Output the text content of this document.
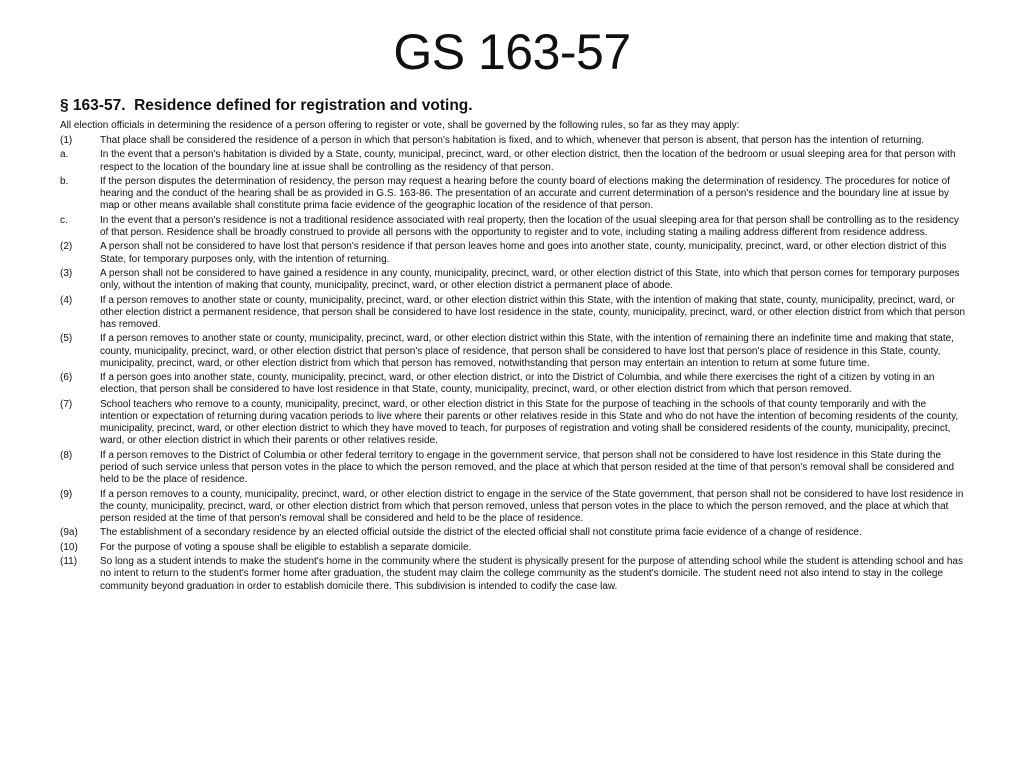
GS 163-57
§ 163-57.  Residence defined for registration and voting.
All election officials in determining the residence of a person offering to register or vote, shall be governed by the following rules, so far as they may apply:
(1)	That place shall be considered the residence of a person in which that person's habitation is fixed, and to which, whenever that person is absent, that person has the intention of returning.
a.	In the event that a person's habitation is divided by a State, county, municipal, precinct, ward, or other election district, then the location of the bedroom or usual sleeping area for that person with respect to the location of the boundary line at issue shall be controlling as the residency of that person.
b.	If the person disputes the determination of residency, the person may request a hearing before the county board of elections making the determination of residency. The procedures for notice of hearing and the conduct of the hearing shall be as provided in G.S. 163-86. The presentation of an accurate and current determination of a person's residence and the boundary line at issue by map or other means available shall constitute prima facie evidence of the geographic location of the residence of that person.
c.	In the event that a person's residence is not a traditional residence associated with real property, then the location of the usual sleeping area for that person shall be controlling as to the residency of that person. Residence shall be broadly construed to provide all persons with the opportunity to register and to vote, including stating a mailing address different from residence address.
(2)	A person shall not be considered to have lost that person's residence if that person leaves home and goes into another state, county, municipality, precinct, ward, or other election district of this State, for temporary purposes only, with the intention of returning.
(3)	A person shall not be considered to have gained a residence in any county, municipality, precinct, ward, or other election district of this State, into which that person comes for temporary purposes only, without the intention of making that county, municipality, precinct, ward, or other election district a permanent place of abode.
(4)	If a person removes to another state or county, municipality, precinct, ward, or other election district within this State, with the intention of making that state, county, municipality, precinct, ward, or other election district a permanent residence, that person shall be considered to have lost residence in the state, county, municipality, precinct, ward, or other election district from which that person has removed.
(5)	If a person removes to another state or county, municipality, precinct, ward, or other election district within this State, with the intention of remaining there an indefinite time and making that state, county, municipality, precinct, ward, or other election district that person's place of residence, that person shall be considered to have lost that person's place of residence in this State, county, municipality, precinct, ward, or other election district from which that person has removed, notwithstanding that person may entertain an intention to return at some future time.
(6)	If a person goes into another state, county, municipality, precinct, ward, or other election district, or into the District of Columbia, and while there exercises the right of a citizen by voting in an election, that person shall be considered to have lost residence in that State, county, municipality, precinct, ward, or other election district from which that person removed.
(7)	School teachers who remove to a county, municipality, precinct, ward, or other election district in this State for the purpose of teaching in the schools of that county temporarily and with the intention or expectation of returning during vacation periods to live where their parents or other relatives reside in this State and who do not have the intention of becoming residents of the county, municipality, precinct, ward, or other election district to which they have moved to teach, for purposes of registration and voting shall be considered residents of the county, municipality, precinct, ward, or other election district in which their parents or other relatives reside.
(8)	If a person removes to the District of Columbia or other federal territory to engage in the government service, that person shall not be considered to have lost residence in this State during the period of such service unless that person votes in the place to which the person removed, and the place at which that person resided at the time of that person's removal shall be considered and held to be the place of residence.
(9)	If a person removes to a county, municipality, precinct, ward, or other election district to engage in the service of the State government, that person shall not be considered to have lost residence in the county, municipality, precinct, ward, or other election district from which that person removed, unless that person votes in the place to which the person removed, and the place at which that person resided at the time of that person's removal shall be considered and held to be the place of residence.
(9a)	The establishment of a secondary residence by an elected official outside the district of the elected official shall not constitute prima facie evidence of a change of residence.
(10)	For the purpose of voting a spouse shall be eligible to establish a separate domicile.
(11)	So long as a student intends to make the student's home in the community where the student is physically present for the purpose of attending school while the student is attending school and has no intent to return to the student's former home after graduation, the student may claim the college community as the student's domicile. The student need not also intend to stay in the college community beyond graduation in order to establish domicile there. This subdivision is intended to codify the case law.
